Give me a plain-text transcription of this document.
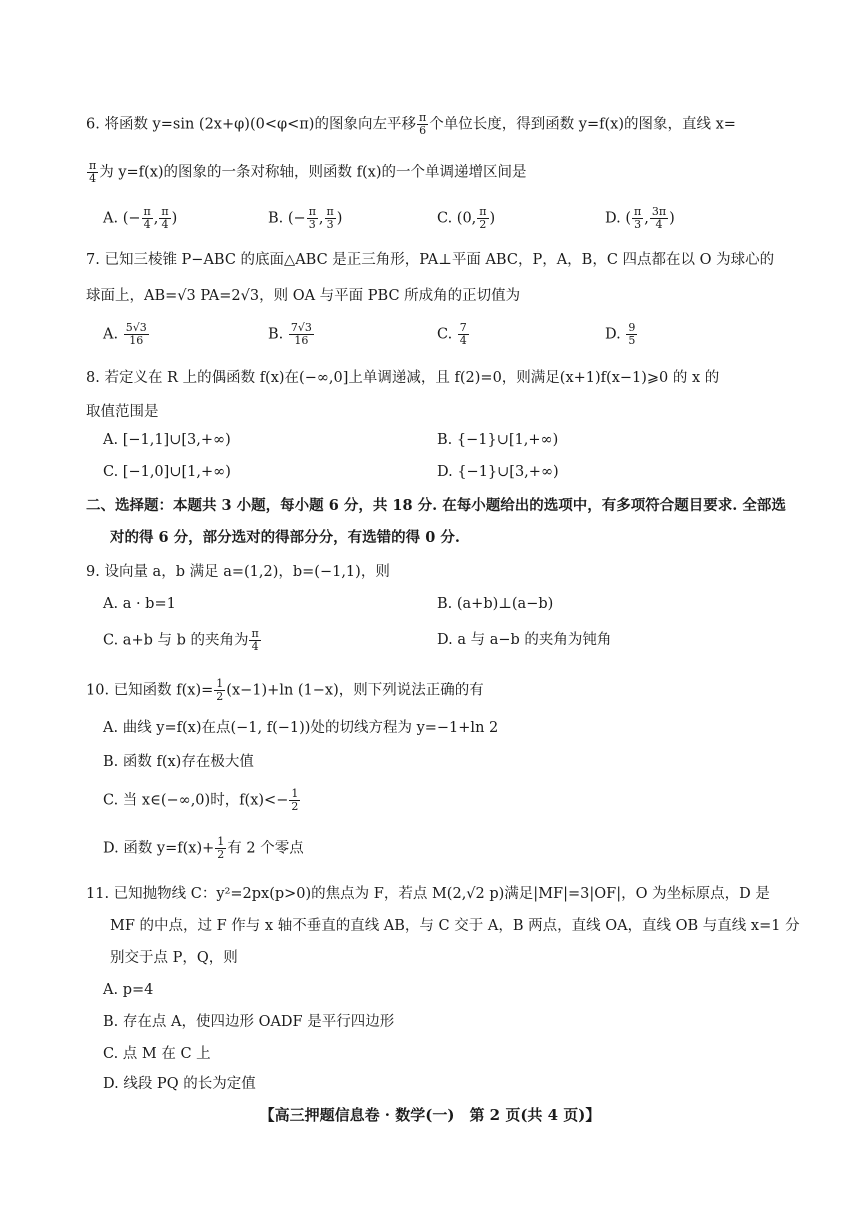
6. 将函数 y=sin (2x+φ)(0<φ<π)的图象向左平移 $\frac{\pi}{6}$ 个单位长度，得到函数 y=f(x)的图象，直线 x=
$\frac{\pi}{4}$ 为 y=f(x)的图象的一条对称轴，则函数 f(x)的一个单调递增区间是
A. (− $\frac{\pi}{4}$ , $\frac{\pi}{4}$ )	B. (− $\frac{\pi}{3}$ , $\frac{\pi}{3}$ )	C. (0, $\frac{\pi}{2}$ )	D. ( $\frac{\pi}{3}$ , $\frac{3\pi}{4}$ )
7. 已知三棱锥 P−ABC 的底面△ABC 是正三角形，PA⊥平面 ABC，P，A，B，C 四点都在以 O 为球心的
球面上，AB=√3 PA=2√3，则 OA 与平面 PBC 所成角的正切值为
A. $\frac{5√3}{16}$	B. $\frac{7√3}{16}$	C. $\frac{7}{4}$	D. $\frac{9}{5}$
8. 若定义在 R 上的偶函数 f(x)在(−∞,0]上单调递减，且 f(2)=0，则满足(x+1)f(x−1)⩾0 的 x 的
取值范围是
A. [−1,1]∪[3,+∞)	B. {−1}∪[1,+∞)
C. [−1,0]∪[1,+∞)	D. {−1}∪[3,+∞)
二、选择题：本题共 3 小题，每小题 6 分，共 18 分. 在每小题给出的选项中，有多项符合题目要求. 全部选
对的得 6 分，部分选对的得部分分，有选错的得 0 分.
9. 设向量 a，b 满足 a=(1,2)，b=(−1,1)，则
A. a · b=1	B. (a+b)⊥(a−b)
C. a+b 与 b 的夹角为 $\frac{\pi}{4}$	D. a 与 a−b 的夹角为钝角
10. 已知函数 $f(x)= \frac{1}{2} (x-1)+\ln$ (1−x)，则下列说法正确的有
A. 曲线 y=f(x)在点(−1, f(−1))处的切线方程为 y=−1+ln 2
B. 函数 f(x)存在极大值
C. 当 x∈(−∞,0)时，$f(x)<- \frac{1}{2}$
D. 函数 $y=f(x)+ \frac{1}{2}$ 有 2 个零点
11. 已知抛物线 C：y²=2px(p>0)的焦点为 F，若点 M(2,√2 p)满足|MF|=3|OF|，O 为坐标原点，D 是
MF 的中点，过 F 作与 x 轴不垂直的直线 AB，与 C 交于 A，B 两点，直线 OA，直线 OB 与直线 x=1 分
别交于点 P，Q，则
A. p=4
B. 存在点 A，使四边形 OADF 是平行四边形
C. 点 M 在 C 上
D. 线段 PQ 的长为定值
【高三押题信息卷 · 数学(一)　第 2 页(共 4 页)】
